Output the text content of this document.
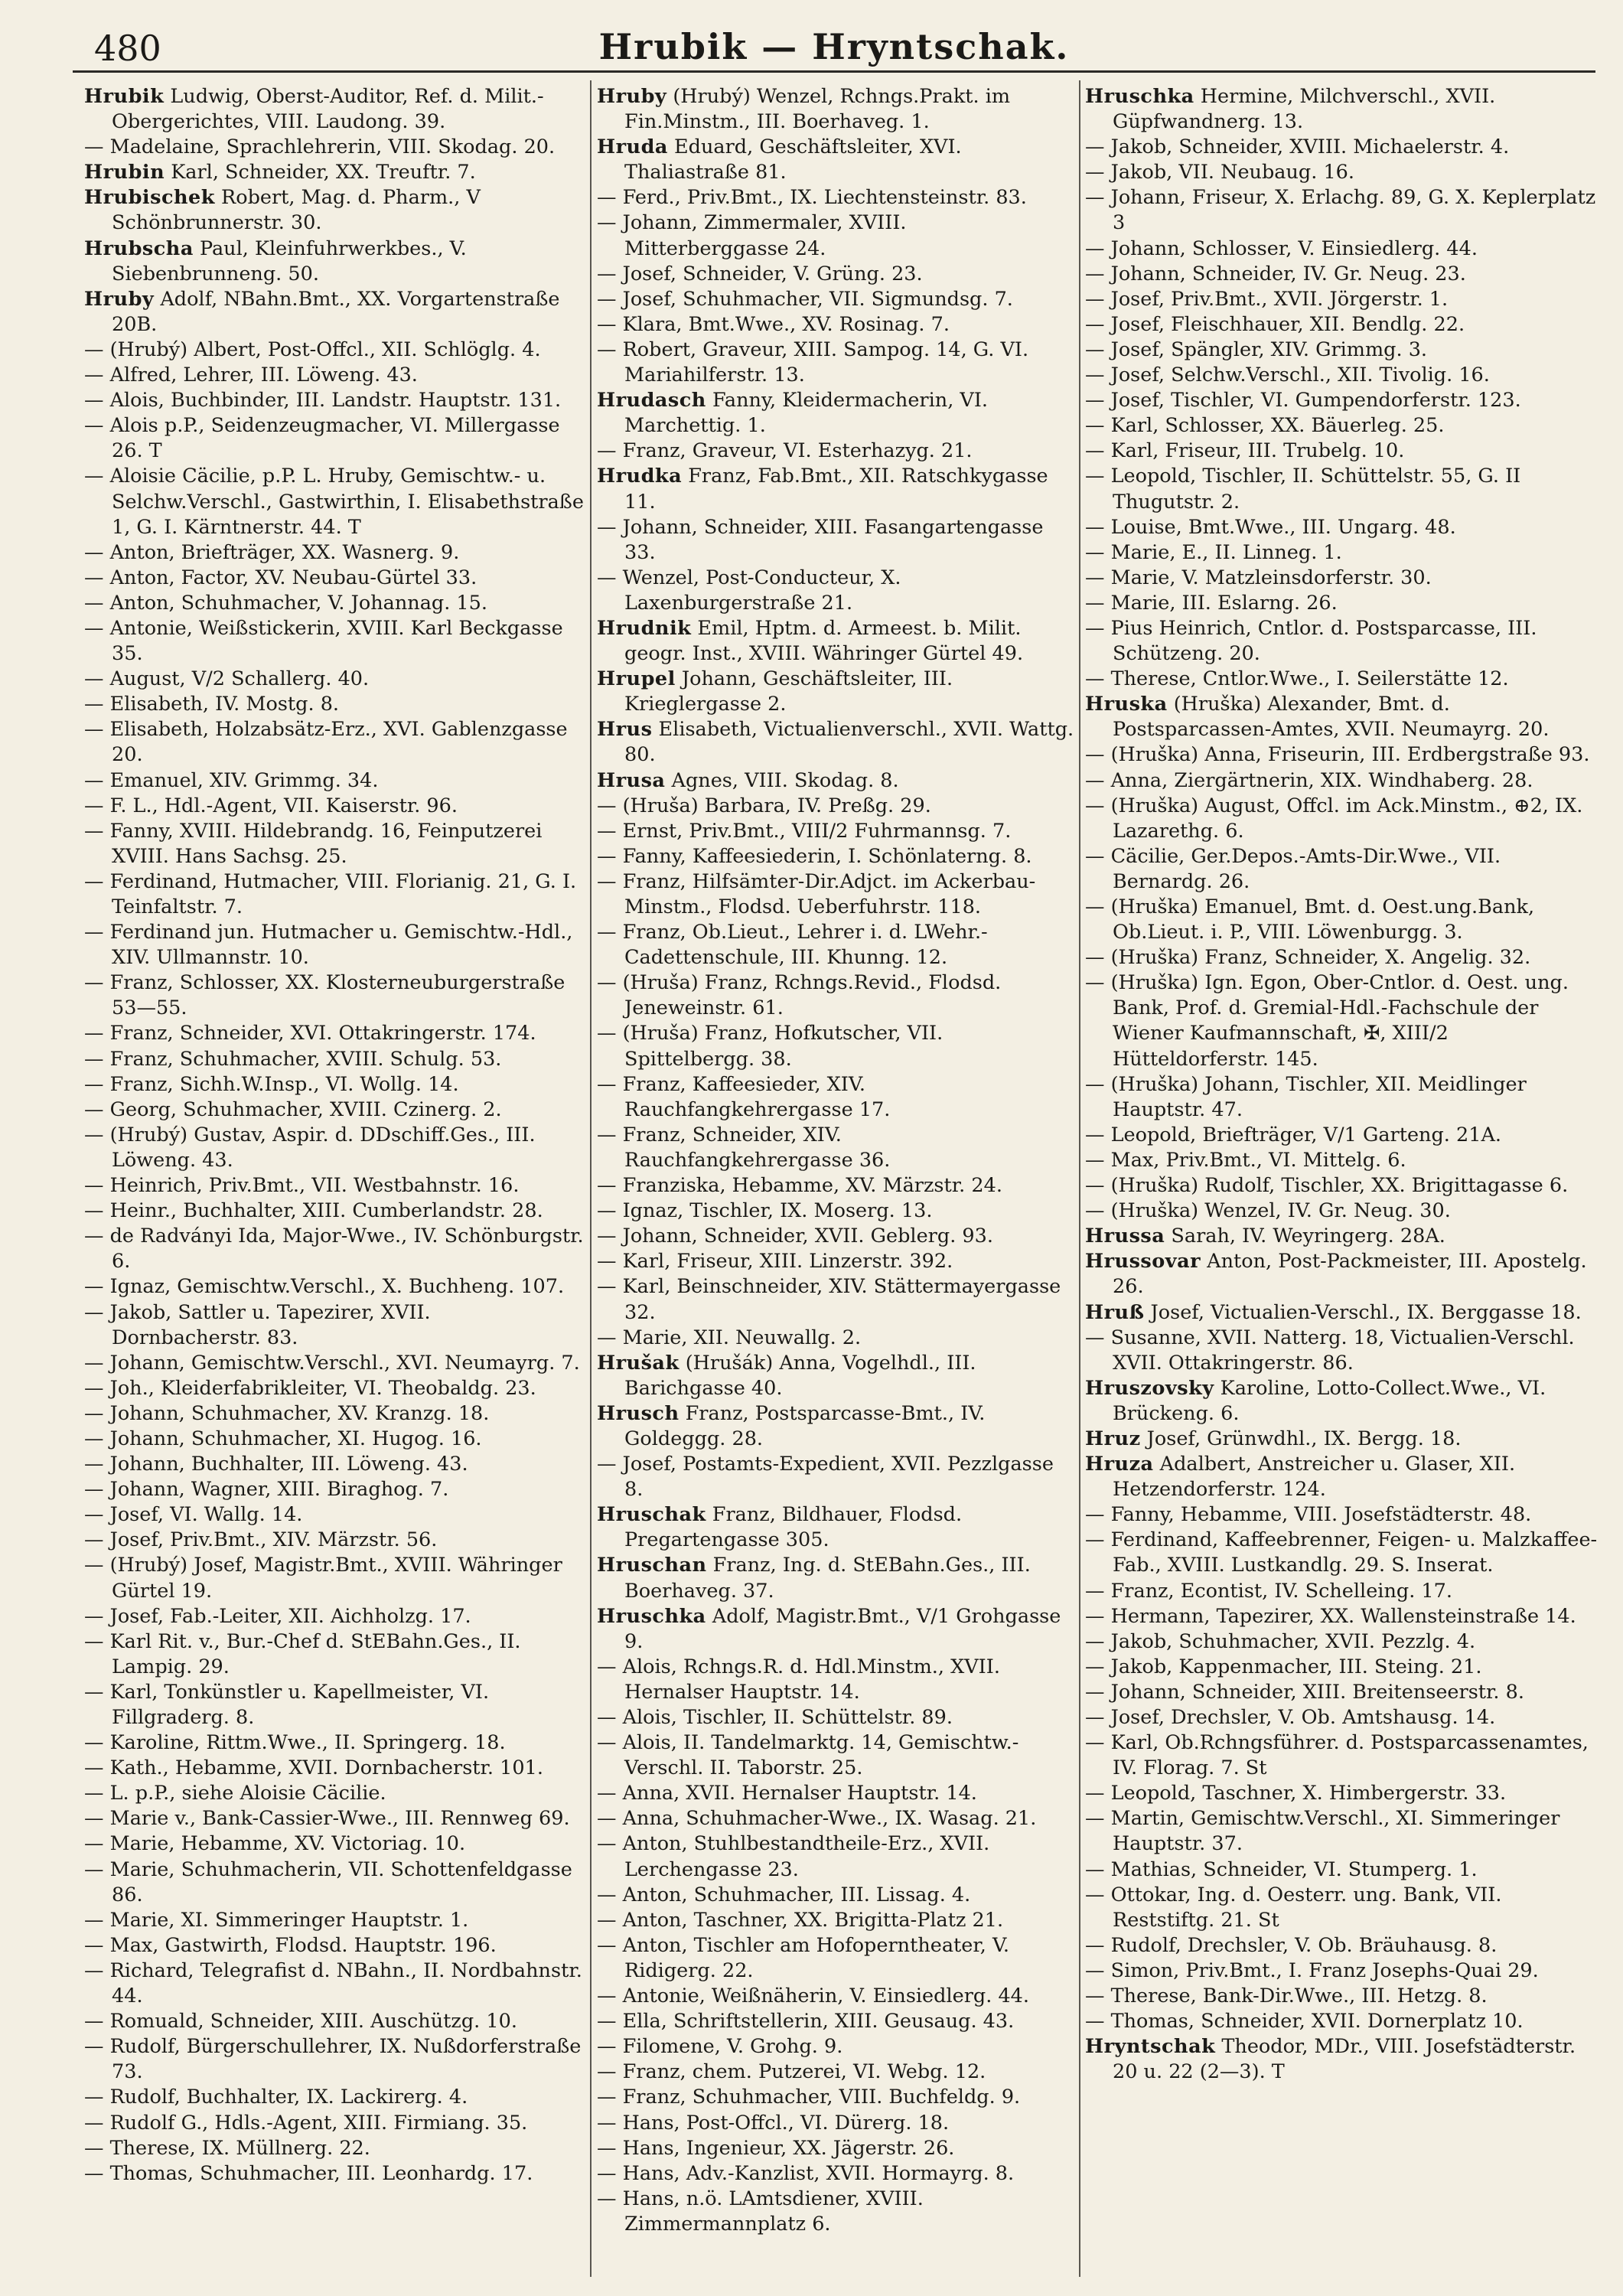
480	Hrubik — Hryntschak.

Hrubik Ludwig, Oberst-Auditor, Ref. d. Milit.-Obergerichtes, VIII. Laudong. 39.

— Madelaine, Sprachlehrerin, VIII. Skodag. 20.

Hrubin Karl, Schneider, XX. Treuftr. 7.

Hrubischek Robert, Mag. d. Pharm., V Schönbrunnerstr. 30.

Hrubscha Paul, Kleinfuhrwerkbes., V. Siebenbrunneng. 50.

Hruby Adolf, NBahn.Bmt., XX. Vorgartenstraße 20B.

— (Hrubý) Albert, Post-Offcl., XII. Schlöglg. 4.

— Alfred, Lehrer, III. Löweng. 43.

— Alois, Buchbinder, III. Landstr. Hauptstr. 131.

— Alois p.P., Seidenzeugmacher, VI. Millergasse 26. T

— Aloisie Cäcilie, p.P. L. Hruby, Gemischtw.- u. Selchw.Verschl., Gastwirthin, I. Elisabethstraße 1, G. I. Kärntnerstr. 44. T

— Anton, Briefträger, XX. Wasnerg. 9.

— Anton, Factor, XV. Neubau-Gürtel 33.

— Anton, Schuhmacher, V. Johannag. 15.

— Antonie, Weißstickerin, XVIII. Karl Beckgasse 35.

— August, V/2 Schallerg. 40.

— Elisabeth, IV. Mostg. 8.

— Elisabeth, Holzabsätz-Erz., XVI. Gablenzgasse 20.

— Emanuel, XIV. Grimmg. 34.

— F. L., Hdl.-Agent, VII. Kaiserstr. 96.

— Fanny, XVIII. Hildebrandg. 16, Feinputzerei XVIII. Hans Sachsg. 25.

— Ferdinand, Hutmacher, VIII. Florianig. 21, G. I. Teinfaltstr. 7.

— Ferdinand jun. Hutmacher u. Gemischtw.-Hdl., XIV. Ullmannstr. 10.

— Franz, Schlosser, XX. Klosterneuburgerstraße 53—55.

— Franz, Schneider, XVI. Ottakringerstr. 174.

— Franz, Schuhmacher, XVIII. Schulg. 53.

— Franz, Sichh.W.Insp., VI. Wollg. 14.

— Georg, Schuhmacher, XVIII. Czinerg. 2.

— (Hrubý) Gustav, Aspir. d. DDschiff.Ges., III. Löweng. 43.

— Heinrich, Priv.Bmt., VII. Westbahnstr. 16.

— Heinr., Buchhalter, XIII. Cumberlandstr. 28.

— de Radványi Ida, Major-Wwe., IV. Schönburgstr. 6.

— Ignaz, Gemischtw.Verschl., X. Buchheng. 107.

— Jakob, Sattler u. Tapezirer, XVII. Dornbacherstr. 83.

— Johann, Gemischtw.Verschl., XVI. Neumayrg. 7.

— Joh., Kleiderfabrikleiter, VI. Theobaldg. 23.

— Johann, Schuhmacher, XV. Kranzg. 18.

— Johann, Schuhmacher, XI. Hugog. 16.

— Johann, Buchhalter, III. Löweng. 43.

— Johann, Wagner, XIII. Biraghog. 7.

— Josef, VI. Wallg. 14.

— Josef, Priv.Bmt., XIV. Märzstr. 56.

— (Hrubý) Josef, Magistr.Bmt., XVIII. Währinger Gürtel 19.

— Josef, Fab.-Leiter, XII. Aichholzg. 17.

— Karl Rit. v., Bur.-Chef d. StEBahn.Ges., II. Lampig. 29.

— Karl, Tonkünstler u. Kapellmeister, VI. Fillgraderg. 8.

— Karoline, Rittm.Wwe., II. Springerg. 18.

— Kath., Hebamme, XVII. Dornbacherstr. 101.

— L. p.P., siehe Aloisie Cäcilie.

— Marie v., Bank-Cassier-Wwe., III. Rennweg 69.

— Marie, Hebamme, XV. Victoriag. 10.

— Marie, Schuhmacherin, VII. Schottenfeldgasse 86.

— Marie, XI. Simmeringer Hauptstr. 1.

— Max, Gastwirth, Flodsd. Hauptstr. 196.

— Richard, Telegrafist d. NBahn., II. Nordbahnstr. 44.

— Romuald, Schneider, XIII. Auschützg. 10.

— Rudolf, Bürgerschullehrer, IX. Nußdorferstraße 73.

— Rudolf, Buchhalter, IX. Lackirerg. 4.

— Rudolf G., Hdls.-Agent, XIII. Firmiang. 35.

— Therese, IX. Müllnerg. 22.

— Thomas, Schuhmacher, III. Leonhardg. 17.

Hruby (Hrubý) Wenzel, Rchngs.Prakt. im Fin.Minstm., III. Boerhaveg. 1.

Hruda Eduard, Geschäftsleiter, XVI. Thaliastraße 81.

— Ferd., Priv.Bmt., IX. Liechtensteinstr. 83.

— Johann, Zimmermaler, XVIII. Mitterberggasse 24.

— Josef, Schneider, V. Grüng. 23.

— Josef, Schuhmacher, VII. Sigmundsg. 7.

— Klara, Bmt.Wwe., XV. Rosinag. 7.

— Robert, Graveur, XIII. Sampog. 14, G. VI. Mariahilferstr. 13.

Hrudasch Fanny, Kleidermacherin, VI. Marchettig. 1.

— Franz, Graveur, VI. Esterhazyg. 21.

Hrudka Franz, Fab.Bmt., XII. Ratschkygasse 11.

— Johann, Schneider, XIII. Fasangartengasse 33.

— Wenzel, Post-Conducteur, X. Laxenburgerstraße 21.

Hrudnik Emil, Hptm. d. Armeest. b. Milit. geogr. Inst., XVIII. Währinger Gürtel 49.

Hrupel Johann, Geschäftsleiter, III. Krieglergasse 2.

Hrus Elisabeth, Victualienverschl., XVII. Wattg. 80.

Hrusa Agnes, VIII. Skodag. 8.

— (Hruša) Barbara, IV. Preßg. 29.

— Ernst, Priv.Bmt., VIII/2 Fuhrmannsg. 7.

— Fanny, Kaffeesiederin, I. Schönlaterng. 8.

— Franz, Hilfsämter-Dir.Adjct. im Ackerbau-Minstm., Flodsd. Ueberfuhrstr. 118.

— Franz, Ob.Lieut., Lehrer i. d. LWehr.-Cadettenschule, III. Khunng. 12.

— (Hruša) Franz, Rchngs.Revid., Flodsd. Jeneweinstr. 61.

— (Hruša) Franz, Hofkutscher, VII. Spittelbergg. 38.

— Franz, Kaffeesieder, XIV. Rauchfangkehrergasse 17.

— Franz, Schneider, XIV. Rauchfangkehrergasse 36.

— Franziska, Hebamme, XV. Märzstr. 24.

— Ignaz, Tischler, IX. Moserg. 13.

— Johann, Schneider, XVII. Geblerg. 93.

— Karl, Friseur, XIII. Linzerstr. 392.

— Karl, Beinschneider, XIV. Stättermayergasse 32.

— Marie, XII. Neuwallg. 2.

Hrušak (Hrušák) Anna, Vogelhdl., III. Barichgasse 40.

Hrusch Franz, Postsparcasse-Bmt., IV. Goldeggg. 28.

— Josef, Postamts-Expedient, XVII. Pezzlgasse 8.

Hruschak Franz, Bildhauer, Flodsd. Pregartengasse 305.

Hruschan Franz, Ing. d. StEBahn.Ges., III. Boerhaveg. 37.

Hruschka Adolf, Magistr.Bmt., V/1 Grohgasse 9.

— Alois, Rchngs.R. d. Hdl.Minstm., XVII. Hernalser Hauptstr. 14.

— Alois, Tischler, II. Schüttelstr. 89.

— Alois, II. Tandelmarktg. 14, Gemischtw.-Verschl. II. Taborstr. 25.

— Anna, XVII. Hernalser Hauptstr. 14.

— Anna, Schuhmacher-Wwe., IX. Wasag. 21.

— Anton, Stuhlbestandtheile-Erz., XVII. Lerchengasse 23.

— Anton, Schuhmacher, III. Lissag. 4.

— Anton, Taschner, XX. Brigitta-Platz 21.

— Anton, Tischler am Hofoperntheater, V. Ridigerg. 22.

— Antonie, Weißnäherin, V. Einsiedlerg. 44.

— Ella, Schriftstellerin, XIII. Geusaug. 43.

— Filomene, V. Grohg. 9.

— Franz, chem. Putzerei, VI. Webg. 12.

— Franz, Schuhmacher, VIII. Buchfeldg. 9.

— Hans, Post-Offcl., VI. Dürerg. 18.

— Hans, Ingenieur, XX. Jägerstr. 26.

— Hans, Adv.-Kanzlist, XVII. Hormayrg. 8.

— Hans, n.ö. LAmtsdiener, XVIII. Zimmermannplatz 6.

Hruschka Hermine, Milchverschl., XVII. Güpfwandnerg. 13.

— Jakob, Schneider, XVIII. Michaelerstr. 4.

— Jakob, VII. Neubaug. 16.

— Johann, Friseur, X. Erlachg. 89, G. X. Keplerplatz 3

— Johann, Schlosser, V. Einsiedlerg. 44.

— Johann, Schneider, IV. Gr. Neug. 23.

— Josef, Priv.Bmt., XVII. Jörgerstr. 1.

— Josef, Fleischhauer, XII. Bendlg. 22.

— Josef, Spängler, XIV. Grimmg. 3.

— Josef, Selchw.Verschl., XII. Tivolig. 16.

— Josef, Tischler, VI. Gumpendorferstr. 123.

— Karl, Schlosser, XX. Bäuerleg. 25.

— Karl, Friseur, III. Trubelg. 10.

— Leopold, Tischler, II. Schüttelstr. 55, G. II Thugutstr. 2.

— Louise, Bmt.Wwe., III. Ungarg. 48.

— Marie, E., II. Linneg. 1.

— Marie, V. Matzleinsdorferstr. 30.

— Marie, III. Eslarng. 26.

— Pius Heinrich, Cntlor. d. Postsparcasse, III. Schützeng. 20.

— Therese, Cntlor.Wwe., I. Seilerstätte 12.

Hruska (Hruška) Alexander, Bmt. d. Postsparcassen-Amtes, XVII. Neumayrg. 20.

— (Hruška) Anna, Friseurin, III. Erdbergstraße 93.

— Anna, Ziergärtnerin, XIX. Windhaberg. 28.

— (Hruška) August, Offcl. im Ack.Minstm., ⊕2, IX. Lazarethg. 6.

— Cäcilie, Ger.Depos.-Amts-Dir.Wwe., VII. Bernardg. 26.

— (Hruška) Emanuel, Bmt. d. Oest.ung.Bank, Ob.Lieut. i. P., VIII. Löwenburgg. 3.

— (Hruška) Franz, Schneider, X. Angelig. 32.

— (Hruška) Ign. Egon, Ober-Cntlor. d. Oest. ung. Bank, Prof. d. Gremial-Hdl.-Fachschule der Wiener Kaufmannschaft, ✠, XIII/2 Hütteldorferstr. 145.

— (Hruška) Johann, Tischler, XII. Meidlinger Hauptstr. 47.

— Leopold, Briefträger, V/1 Garteng. 21A.

— Max, Priv.Bmt., VI. Mittelg. 6.

— (Hruška) Rudolf, Tischler, XX. Brigittagasse 6.

— (Hruška) Wenzel, IV. Gr. Neug. 30.

Hrussa Sarah, IV. Weyringerg. 28A.

Hrussovar Anton, Post-Packmeister, III. Apostelg. 26.

Hruß Josef, Victualien-Verschl., IX. Berggasse 18.

— Susanne, XVII. Natterg. 18, Victualien-Verschl. XVII. Ottakringerstr. 86.

Hruszovsky Karoline, Lotto-Collect.Wwe., VI. Brückeng. 6.

Hruz Josef, Grünwdhl., IX. Bergg. 18.

Hruza Adalbert, Anstreicher u. Glaser, XII. Hetzendorferstr. 124.

— Fanny, Hebamme, VIII. Josefstädterstr. 48.

— Ferdinand, Kaffeebrenner, Feigen- u. Malzkaffee-Fab., XVIII. Lustkandlg. 29. S. Inserat.

— Franz, Econtist, IV. Schelleing. 17.

— Hermann, Tapezirer, XX. Wallensteinstraße 14.

— Jakob, Schuhmacher, XVII. Pezzlg. 4.

— Jakob, Kappenmacher, III. Steing. 21.

— Johann, Schneider, XIII. Breitenseerstr. 8.

— Josef, Drechsler, V. Ob. Amtshausg. 14.

— Karl, Ob.Rchngsführer. d. Postsparcassenamtes, IV. Florag. 7. St

— Leopold, Taschner, X. Himbergerstr. 33.

— Martin, Gemischtw.Verschl., XI. Simmeringer Hauptstr. 37.

— Mathias, Schneider, VI. Stumperg. 1.

— Ottokar, Ing. d. Oesterr. ung. Bank, VII. Reststiftg. 21. St

— Rudolf, Drechsler, V. Ob. Bräuhausg. 8.

— Simon, Priv.Bmt., I. Franz Josephs-Quai 29.

— Therese, Bank-Dir.Wwe., III. Hetzg. 8.

— Thomas, Schneider, XVII. Dornerplatz 10.

Hryntschak Theodor, MDr., VIII. Josefstädterstr. 20 u. 22 (2—3). T
